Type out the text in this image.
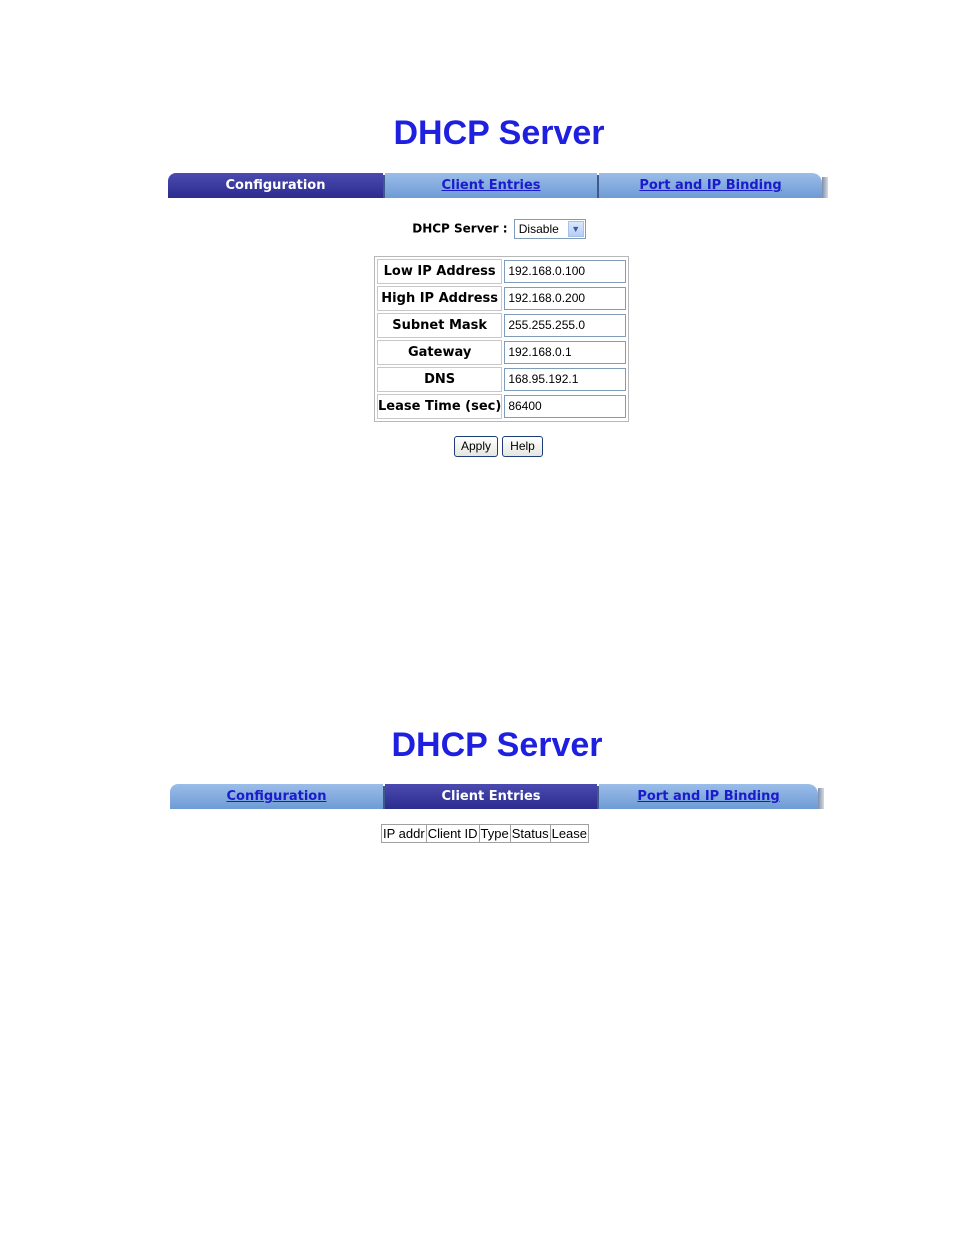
DHCP Server
Configuration	Client Entries	Port and IP Binding
DHCP Server : Disable	▼
Low IP Address	192.168.0.100

High IP Address	192.168.0.200

Subnet Mask	255.255.255.0

Gateway	192.168.0.1

DNS	168.95.192.1

Lease Time (sec)	86400
Apply	Help
DHCP Server
Configuration	Client Entries	Port and IP Binding
IP addr	Client ID	Type	Status	Lease
